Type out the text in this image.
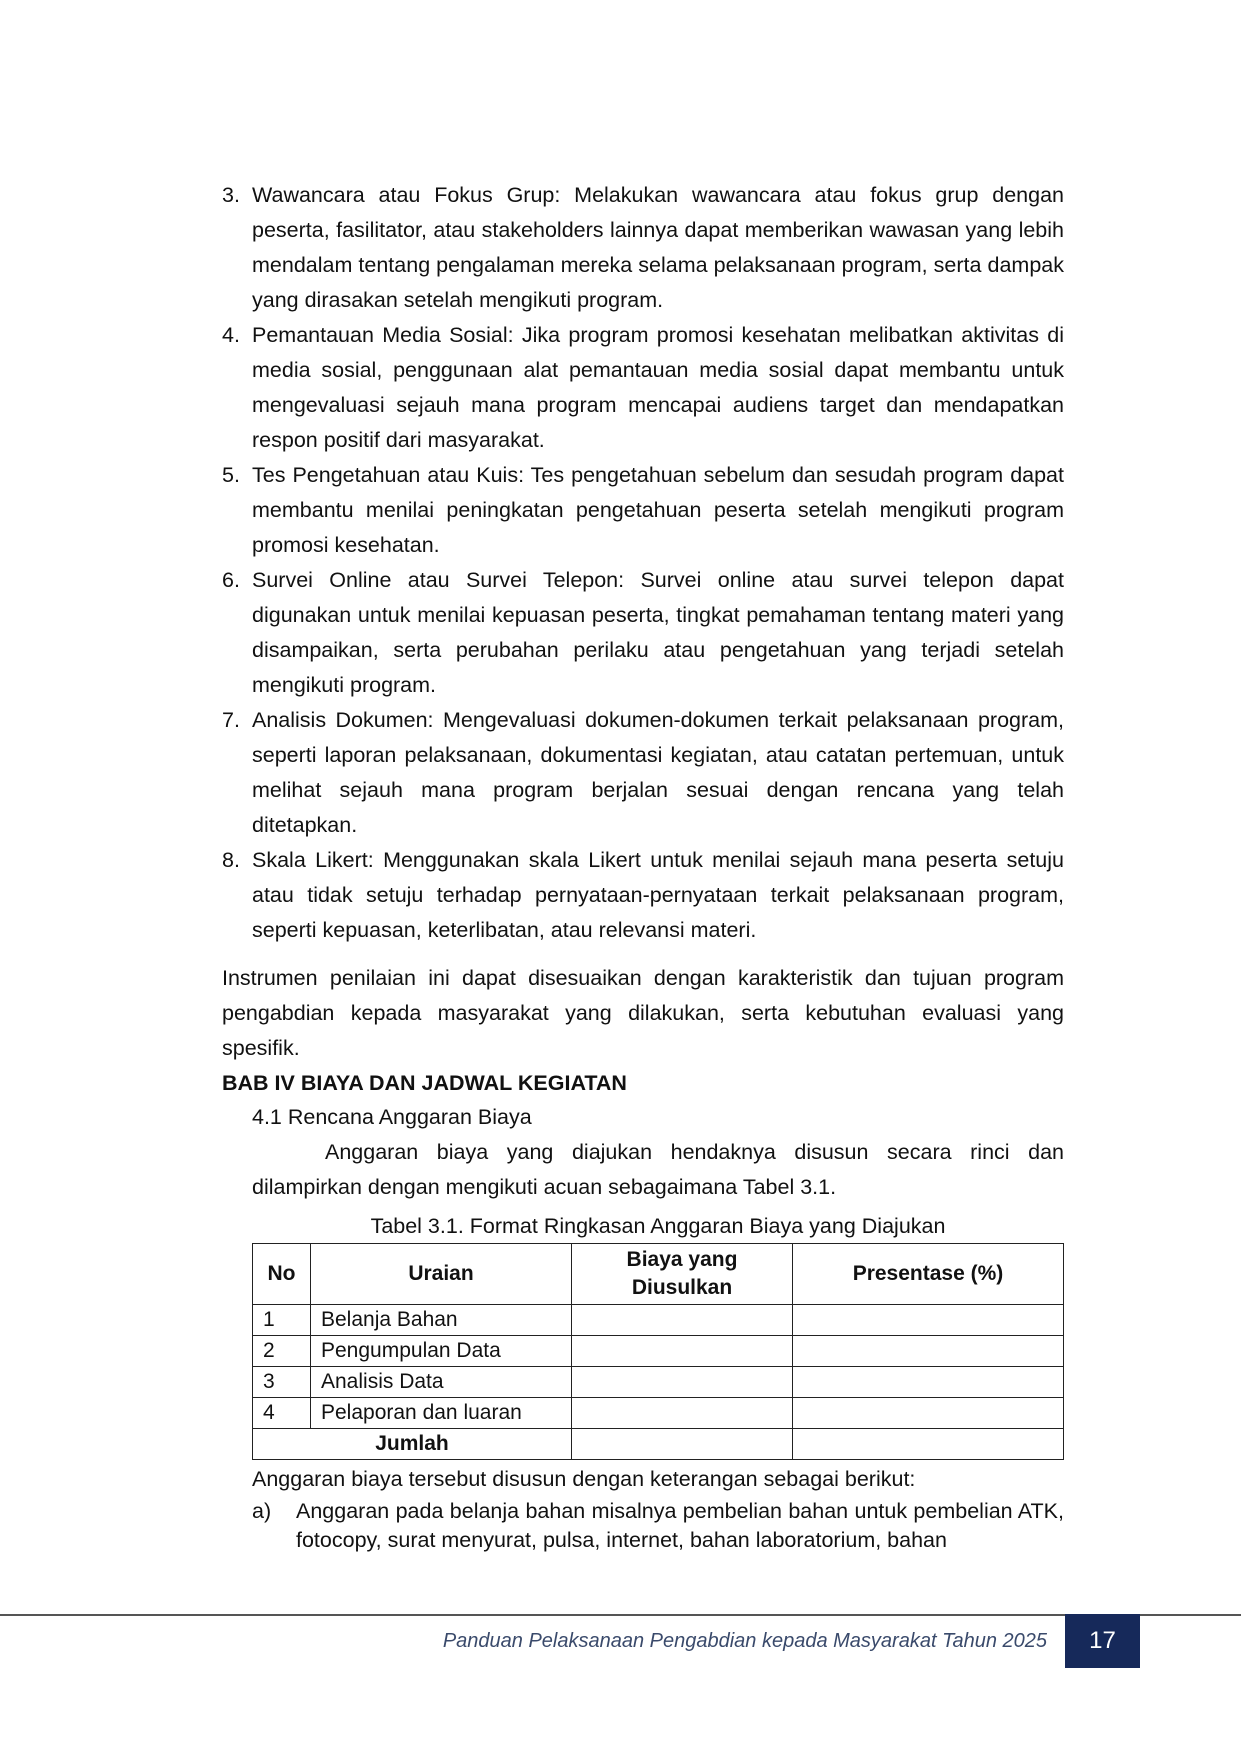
3. Wawancara atau Fokus Grup: Melakukan wawancara atau fokus grup dengan peserta, fasilitator, atau stakeholders lainnya dapat memberikan wawasan yang lebih mendalam tentang pengalaman mereka selama pelaksanaan program, serta dampak yang dirasakan setelah mengikuti program.
4. Pemantauan Media Sosial: Jika program promosi kesehatan melibatkan aktivitas di media sosial, penggunaan alat pemantauan media sosial dapat membantu untuk mengevaluasi sejauh mana program mencapai audiens target dan mendapatkan respon positif dari masyarakat.
5. Tes Pengetahuan atau Kuis: Tes pengetahuan sebelum dan sesudah program dapat membantu menilai peningkatan pengetahuan peserta setelah mengikuti program promosi kesehatan.
6. Survei Online atau Survei Telepon: Survei online atau survei telepon dapat digunakan untuk menilai kepuasan peserta, tingkat pemahaman tentang materi yang disampaikan, serta perubahan perilaku atau pengetahuan yang terjadi setelah mengikuti program.
7. Analisis Dokumen: Mengevaluasi dokumen-dokumen terkait pelaksanaan program, seperti laporan pelaksanaan, dokumentasi kegiatan, atau catatan pertemuan, untuk melihat sejauh mana program berjalan sesuai dengan rencana yang telah ditetapkan.
8. Skala Likert: Menggunakan skala Likert untuk menilai sejauh mana peserta setuju atau tidak setuju terhadap pernyataan-pernyataan terkait pelaksanaan program, seperti kepuasan, keterlibatan, atau relevansi materi.

Instrumen penilaian ini dapat disesuaikan dengan karakteristik dan tujuan program pengabdian kepada masyarakat yang dilakukan, serta kebutuhan evaluasi yang spesifik.

BAB IV BIAYA DAN JADWAL KEGIATAN

4.1 Rencana Anggaran Biaya

Anggaran biaya yang diajukan hendaknya disusun secara rinci dan dilampirkan dengan mengikuti acuan sebagaimana Tabel 3.1.

Tabel 3.1. Format Ringkasan Anggaran Biaya yang Diajukan

No	Uraian	Biaya yang Diusulkan	Presentase (%)
1	Belanja Bahan		
2	Pengumpulan Data		
3	Analisis Data		
4	Pelaporan dan luaran		
Jumlah			

Anggaran biaya tersebut disusun dengan keterangan sebagai berikut:

a) Anggaran pada belanja bahan misalnya pembelian bahan untuk pembelian ATK, fotocopy, surat menyurat, pulsa, internet, bahan laboratorium, bahan
Panduan Pelaksanaan Pengabdian kepada Masyarakat Tahun 2025	17
